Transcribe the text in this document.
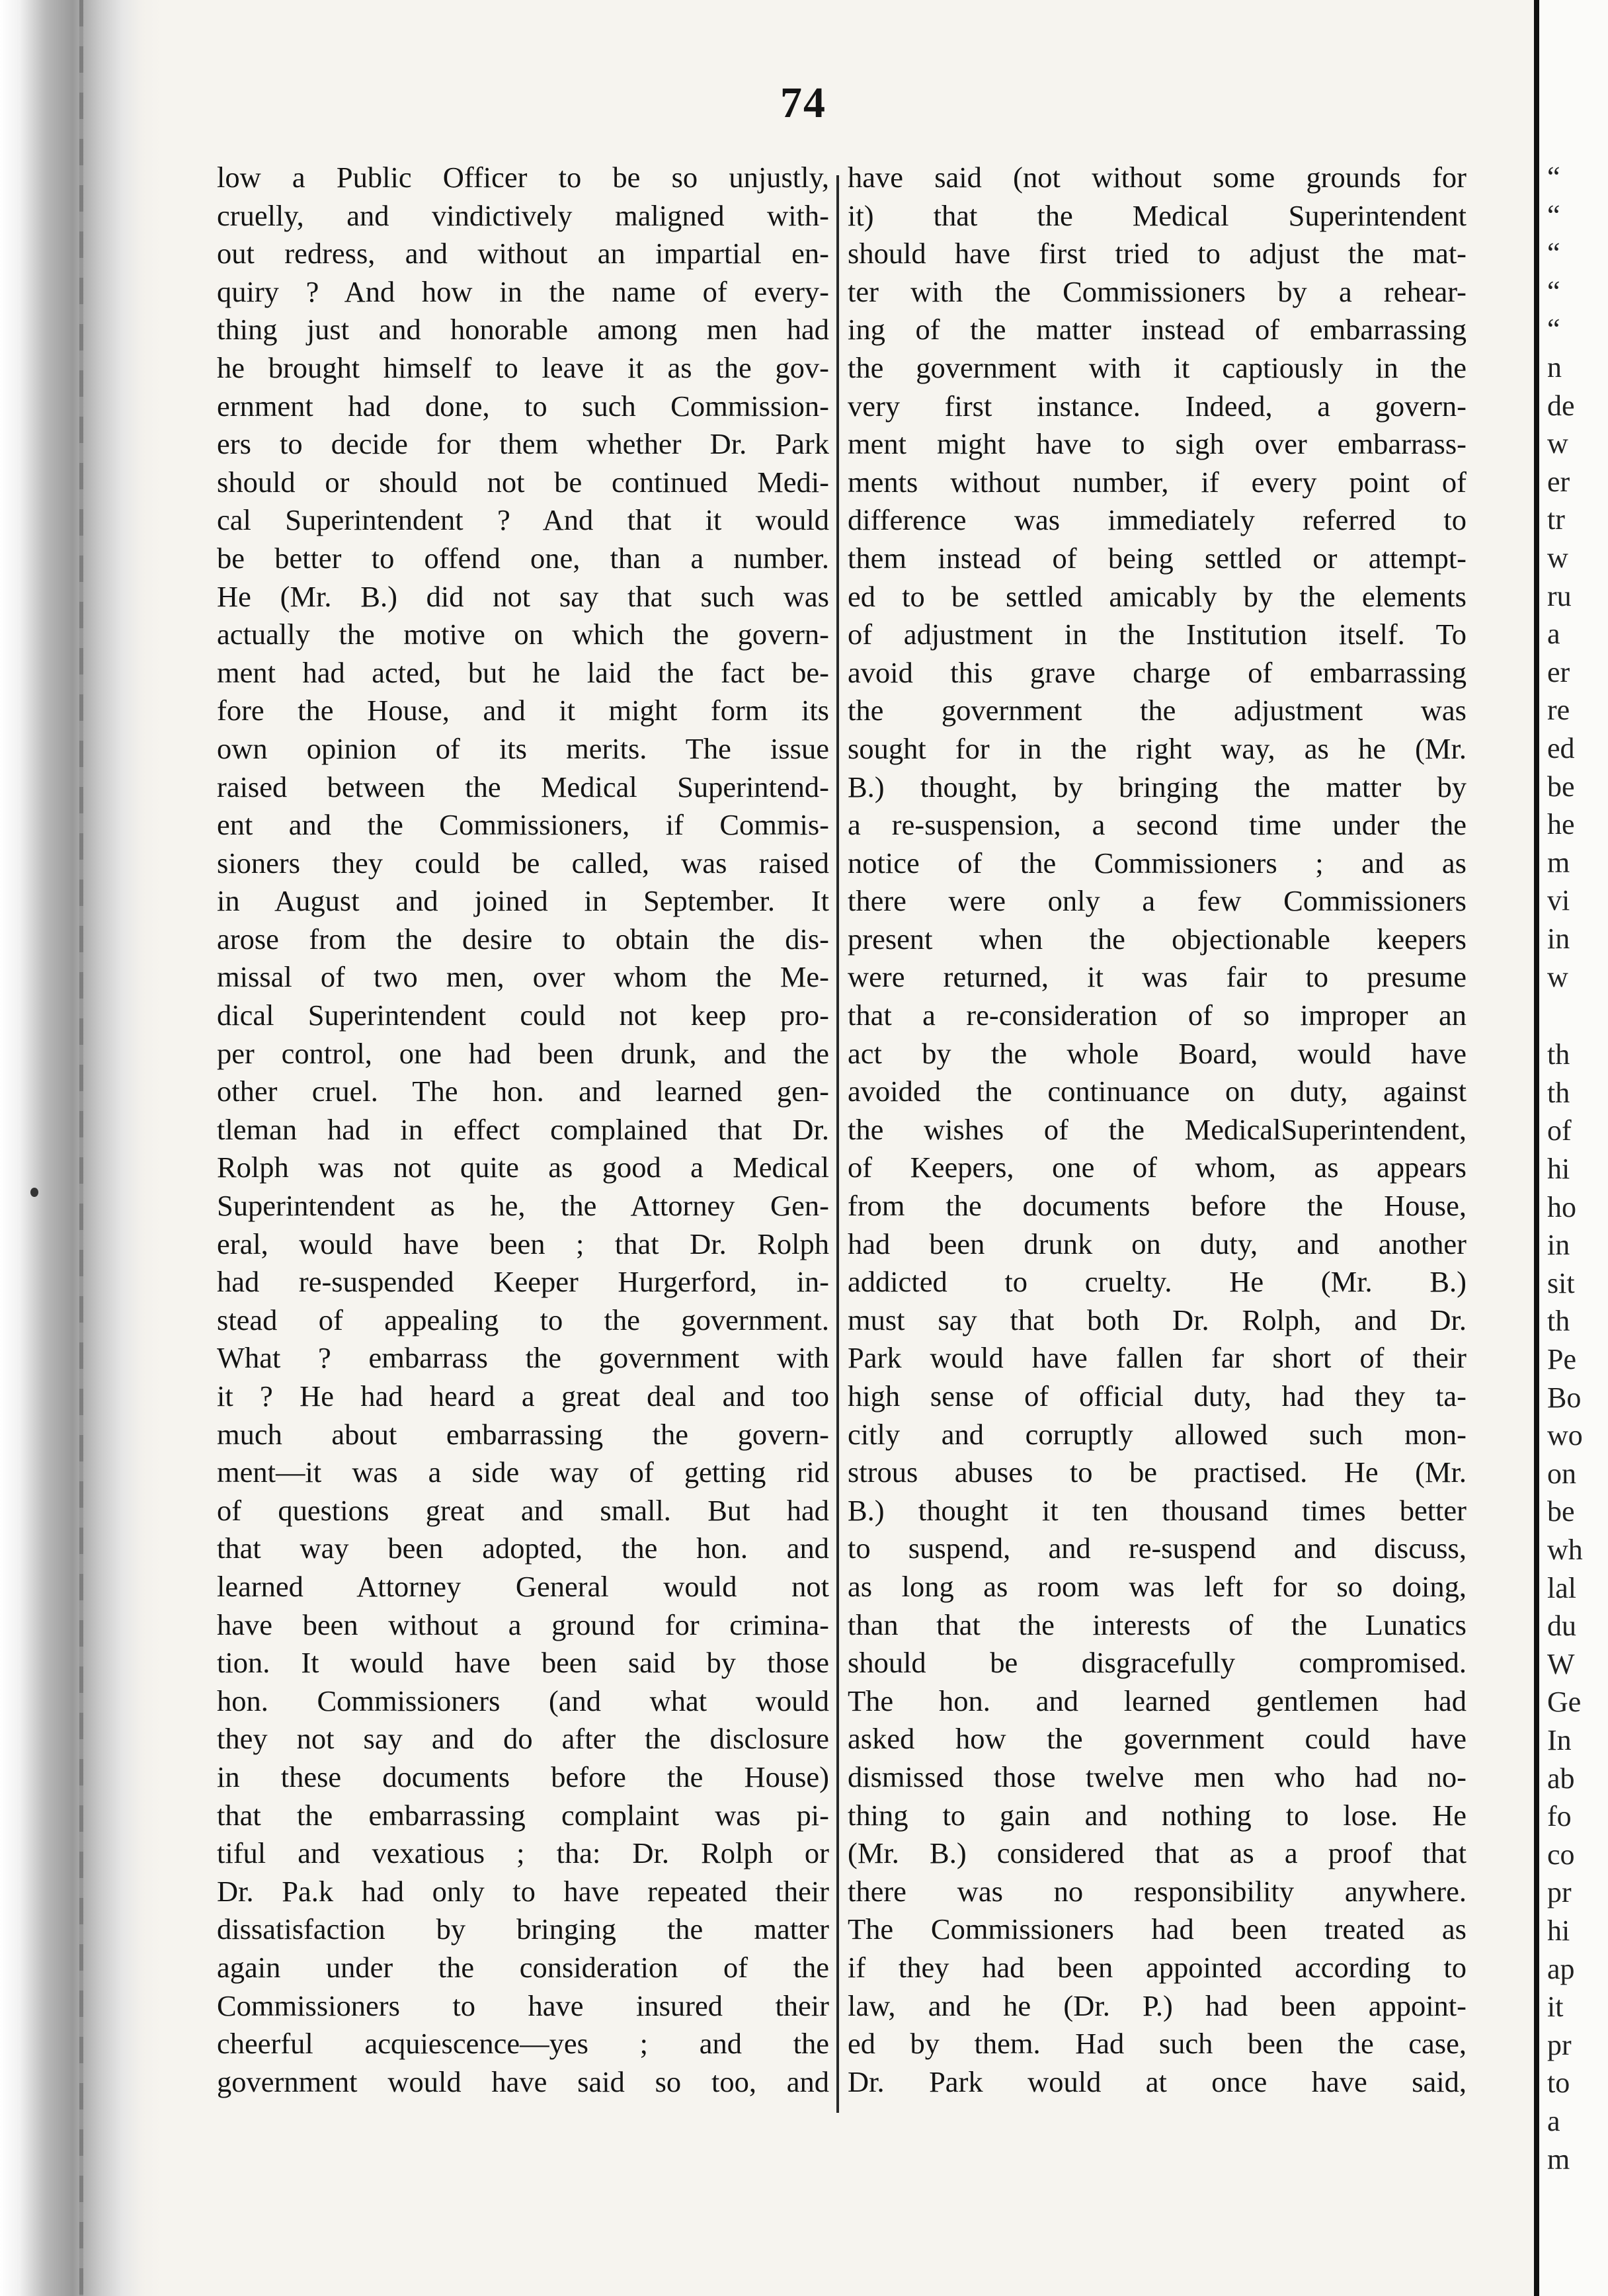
74
low a Public Officer to be so unjustly,
cruelly, and vindictively maligned with-
out redress, and without an impartial en-
quiry ? And how in the name of every-
thing just and honorable among men had
he brought himself to leave it as the gov-
ernment had done, to such Commission-
ers to decide for them whether Dr. Park
should or should not be continued Medi-
cal Superintendent ? And that it would
be better to offend one, than a number.
He (Mr. B.) did not say that such was
actually the motive on which the govern-
ment had acted, but he laid the fact be-
fore the House, and it might form its
own opinion of its merits. The issue
raised between the Medical Superintend-
ent and the Commissioners, if Commis-
sioners they could be called, was raised
in August and joined in September. It
arose from the desire to obtain the dis-
missal of two men, over whom the Me-
dical Superintendent could not keep pro-
per control, one had been drunk, and the
other cruel. The hon. and learned gen-
tleman had in effect complained that Dr.
Rolph was not quite as good a Medical
Superintendent as he, the Attorney Gen-
eral, would have been ; that Dr. Rolph
had re-suspended Keeper Hurgerford, in-
stead of appealing to the government.
What ? embarrass the government with
it ? He had heard a great deal and too
much about embarrassing the govern-
ment—it was a side way of getting rid
of questions great and small. But had
that way been adopted, the hon. and
learned Attorney General would not
have been without a ground for crimina-
tion. It would have been said by those
hon. Commissioners (and what would
they not say and do after the disclosure
in these documents before the House)
that the embarrassing complaint was pi-
tiful and vexatious ; tha: Dr. Rolph or
Dr. Pa.k had only to have repeated their
dissatisfaction by bringing the matter
again under the consideration of the
Commissioners to have insured their
cheerful acquiescence—yes ; and the
government would have said so too, and
have said (not without some grounds for
it) that the Medical Superintendent
should have first tried to adjust the mat-
ter with the Commissioners by a rehear-
ing of the matter instead of embarrassing
the government with it captiously in the
very first instance. Indeed, a govern-
ment might have to sigh over embarrass-
ments without number, if every point of
difference was immediately referred to
them instead of being settled or attempt-
ed to be settled amicably by the elements
of adjustment in the Institution itself. To
avoid this grave charge of embarrassing
the government the adjustment was
sought for in the right way, as he (Mr.
B.) thought, by bringing the matter by
a re-suspension, a second time under the
notice of the Commissioners ; and as
there were only a few Commissioners
present when the objectionable keepers
were returned, it was fair to presume
that a re-consideration of so improper an
act by the whole Board, would have
avoided the continuance on duty, against
the wishes of the MedicalSuperintendent,
of Keepers, one of whom, as appears
from the documents before the House,
had been drunk on duty, and another
addicted to cruelty. He (Mr. B.)
must say that both Dr. Rolph, and Dr.
Park would have fallen far short of their
high sense of official duty, had they ta-
citly and corruptly allowed such mon-
strous abuses to be practised. He (Mr.
B.) thought it ten thousand times better
to suspend, and re-suspend and discuss,
as long as room was left for so doing,
than that the interests of the Lunatics
should be disgracefully compromised.
The hon. and learned gentlemen had
asked how the government could have
dismissed those twelve men who had no-
thing to gain and nothing to lose. He
(Mr. B.) considered that as a proof that
there was no responsibility anywhere.
The Commissioners had been treated as
if they had been appointed according to
law, and he (Dr. P.) had been appoint-
ed by them. Had such been the case,
Dr. Park would at once have said,
“
“
“
“
“
n
de
w
er
tr
w
ru
a
er
re
ed
be
he
m
vi
in
w
th
th
of
hi
ho
in
sit
th
Pe
Bo
wo
on
be
wh
lal
du
W
Ge
In
ab
fo
co
pr
hi
ap
it
pr
to
a
m
